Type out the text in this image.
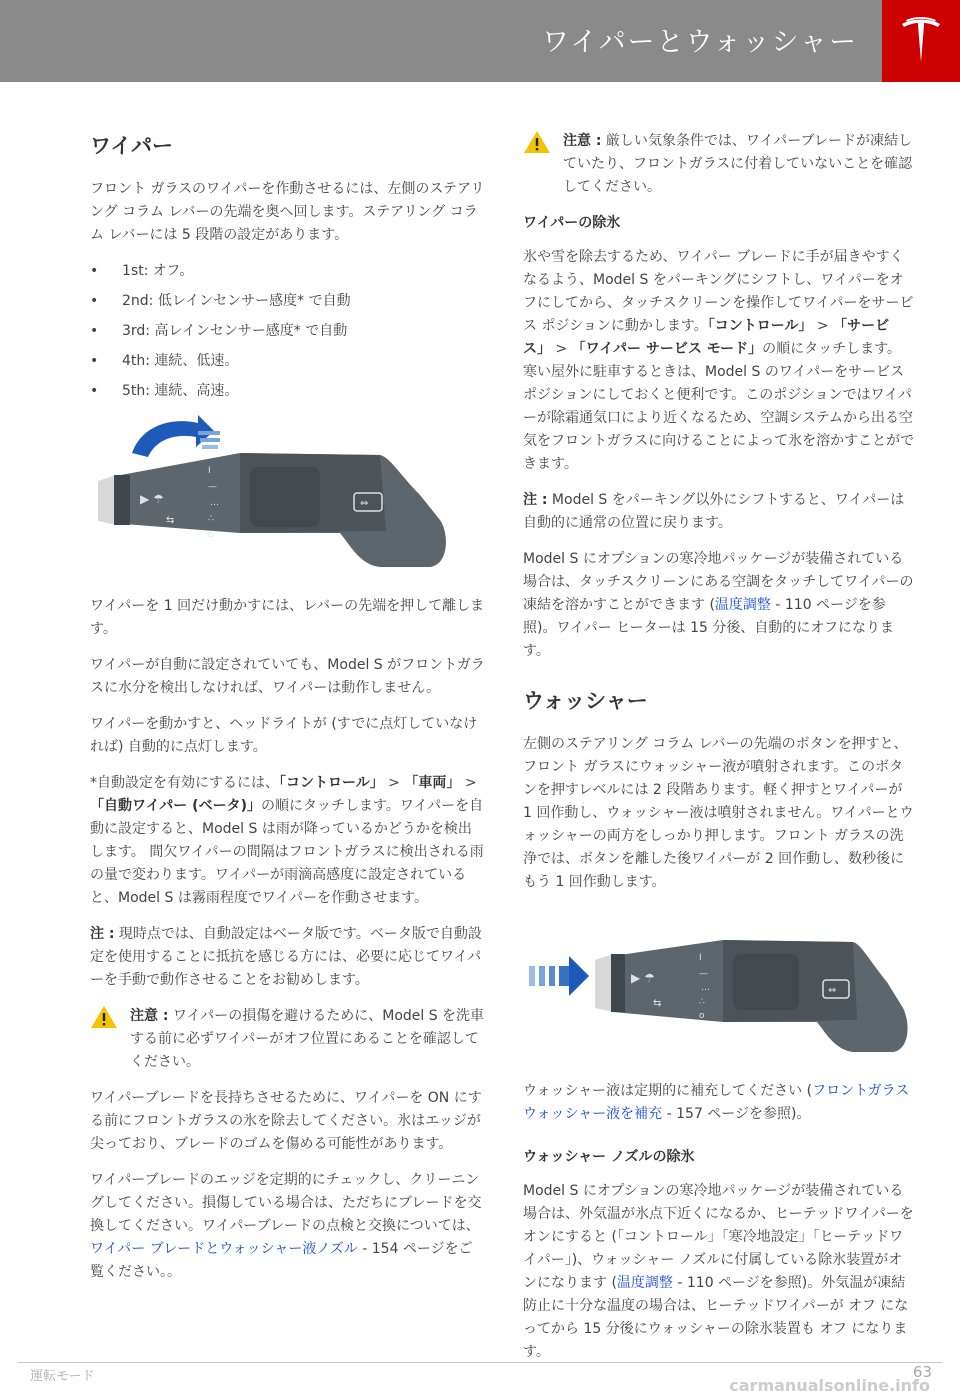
ワイパーとウォッシャー
ワイパー

フロント ガラスのワイパーを作動させるには、左側のステアリング コラム レバーの先端を奥へ回します。ステアリング コラム レバーには 5 段階の設定があります。

• 1st: オフ。
• 2nd: 低レインセンサー感度* で自動
• 3rd: 高レインセンサー感度* で自動
• 4th: 連続、低速。
• 5th: 連続、高速。
▶ ☂
⇆
Ⅰ
—
…
∴
o
⇔

ワイパーを 1 回だけ動かすには、レバーの先端を押して離します。

ワイパーが自動に設定されていても、Model S がフロントガラスに水分を検出しなければ、ワイパーは動作しません。

ワイパーを動かすと、ヘッドライトが (すでに点灯していなければ) 自動的に点灯します。

*自動設定を有効にするには、「コントロール」 > 「車両」 > 「自動ワイパー (ベータ)」の順にタッチします。ワイパーを自動に設定すると、Model S は雨が降っているかどうかを検出します。 間欠ワイパーの間隔はフロントガラスに検出される雨の量で変わります。ワイパーが雨滴高感度に設定されていると、Model S は霧雨程度でワイパーを作動させます。

注 : 現時点では、自動設定はベータ版です。ベータ版で自動設定を使用することに抵抗を感じる方には、必要に応じてワイパーを手動で動作させることをお勧めします。

注意 : ワイパーの損傷を避けるために、Model S を洗車する前に必ずワイパーがオフ位置にあることを確認してください。

ワイパーブレードを長持ちさせるために、ワイパーを ON にする前にフロントガラスの氷を除去してください。氷はエッジが尖っており、ブレードのゴムを傷める可能性があります。

ワイパーブレードのエッジを定期的にチェックし、クリーニングしてください。損傷している場合は、ただちにブレードを交換してください。ワイパーブレードの点検と交換については、ワイパー ブレードとウォッシャー液ノズル - 154 ページをご覧ください。。

注意 : 厳しい気象条件では、ワイパーブレードが凍結していたり、フロントガラスに付着していないことを確認してください。

ワイパーの除氷

氷や雪を除去するため、ワイパー ブレードに手が届きやすくなるよう、Model S をパーキングにシフトし、ワイパーをオフにしてから、タッチスクリーンを操作してワイパーをサービス ポジションに動かします。「コントロール」 > 「サービス」 > 「ワイパー サービス モード」の順にタッチします。寒い屋外に駐車するときは、Model S のワイパーをサービス ポジションにしておくと便利です。このポジションではワイパーが除霜通気口により近くなるため、空調システムから出る空気をフロントガラスに向けることによって氷を溶かすことができます。

注 : Model S をパーキング以外にシフトすると、ワイパーは自動的に通常の位置に戻ります。

Model S にオプションの寒冷地パッケージが装備されている場合は、タッチスクリーンにある空調をタッチしてワイパーの凍結を溶かすことができます (温度調整 - 110 ページを参照)。ワイパー ヒーターは 15 分後、自動的にオフになります。

ウォッシャー

左側のステアリング コラム レバーの先端のボタンを押すと、フロント ガラスにウォッシャー液が噴射されます。このボタンを押すレベルには 2 段階あります。軽く押すとワイパーが 1 回作動し、ウォッシャー液は噴射されません。ワイパーとウォッシャーの両方をしっかり押します。フロント ガラスの洗浄では、ボタンを離した後ワイパーが 2 回作動し、数秒後にもう 1 回作動します。

▶ ☂
⇆
Ⅰ
—
…
∴
o
⇔

ウォッシャー液は定期的に補充してください (フロントガラス ウォッシャー液を補充 - 157 ページを参照)。

ウォッシャー ノズルの除氷

Model S にオプションの寒冷地パッケージが装備されている場合は、外気温が氷点下近くになるか、ヒーテッドワイパーをオンにすると (「コントロール」「寒冷地設定」「ヒーテッドワイパー」)、ウォッシャー ノズルに付属している除氷装置がオンになります (温度調整 - 110 ページを参照)。外気温が凍結防止に十分な温度の場合は、ヒーテッドワイパーが オフ になってから 15 分後にウォッシャーの除氷装置も オフ になります。

運転モード	63
carmanualsonline.info
